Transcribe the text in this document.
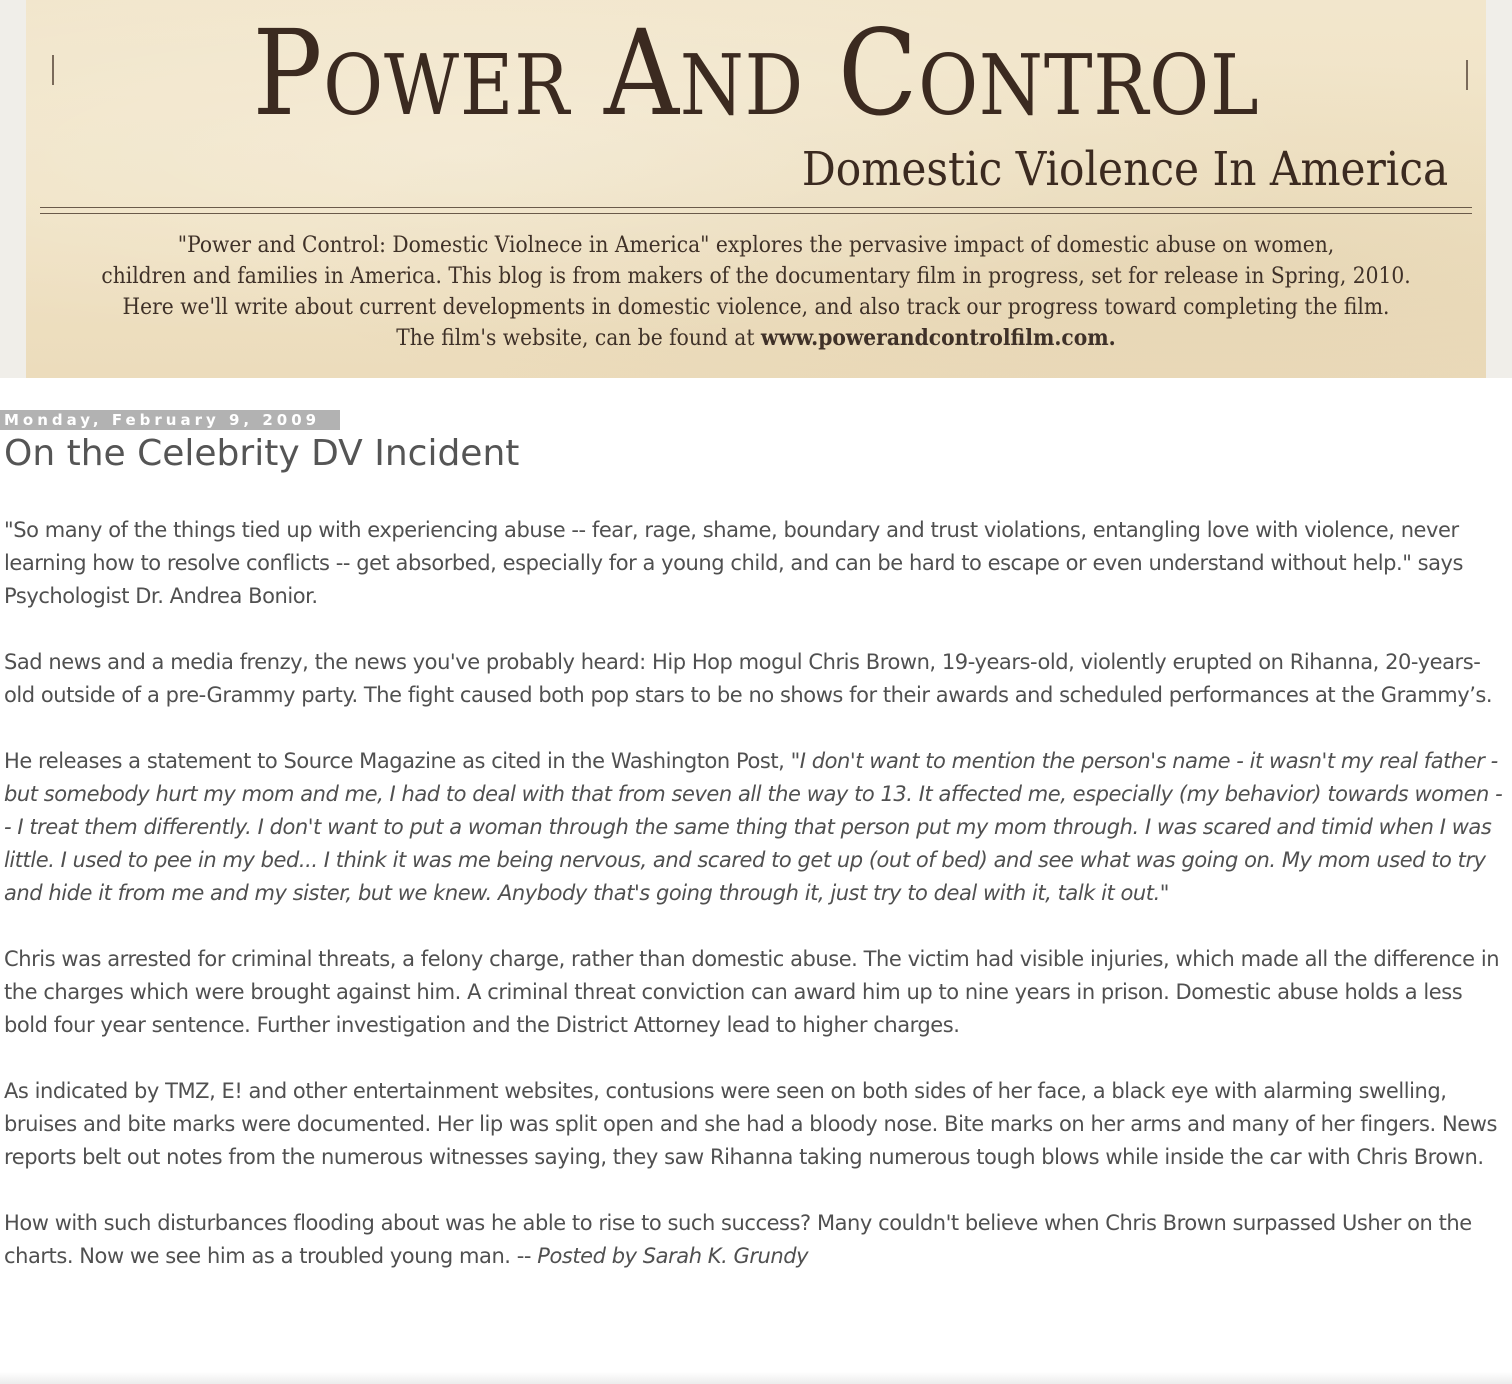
Power And Control
Domestic Violence In America
"Power and Control: Domestic Violnece in America" explores the pervasive impact of domestic abuse on women,
children and families in America. This blog is from makers of the documentary film in progress, set for release in Spring, 2010.
Here we'll write about current developments in domestic violence, and also track our progress toward completing the film.
The film's website, can be found at www.powerandcontrolfilm.com.
Monday, February 9, 2009
On the Celebrity DV Incident

"So many of the things tied up with experiencing abuse -- fear, rage, shame, boundary and trust violations, entangling love with violence, never learning how to resolve conflicts -- get absorbed, especially for a young child, and can be hard to escape or even understand without help." says Psychologist Dr. Andrea Bonior.

Sad news and a media frenzy, the news you've probably heard: Hip Hop mogul Chris Brown, 19-years-old, violently erupted on Rihanna, 20-years-old outside of a pre-Grammy party. The fight caused both pop stars to be no shows for their awards and scheduled performances at the Grammy’s.

He releases a statement to Source Magazine as cited in the Washington Post, "I don't want to mention the person's name - it wasn't my real father - but somebody hurt my mom and me, I had to deal with that from seven all the way to 13. It affected me, especially (my behavior) towards women -- I treat them differently. I don't want to put a woman through the same thing that person put my mom through. I was scared and timid when I was little. I used to pee in my bed... I think it was me being nervous, and scared to get up (out of bed) and see what was going on. My mom used to try and hide it from me and my sister, but we knew. Anybody that's going through it, just try to deal with it, talk it out."

Chris was arrested for criminal threats, a felony charge, rather than domestic abuse. The victim had visible injuries, which made all the difference in the charges which were brought against him. A criminal threat conviction can award him up to nine years in prison. Domestic abuse holds a less bold four year sentence. Further investigation and the District Attorney lead to higher charges.

As indicated by TMZ, E! and other entertainment websites, contusions were seen on both sides of her face, a black eye with alarming swelling, bruises and bite marks were documented. Her lip was split open and she had a bloody nose. Bite marks on her arms and many of her fingers. News reports belt out notes from the numerous witnesses saying, they saw Rihanna taking numerous tough blows while inside the car with Chris Brown.

How with such disturbances flooding about was he able to rise to such success? Many couldn't believe when Chris Brown surpassed Usher on the charts. Now we see him as a troubled young man. -- Posted by Sarah K. Grundy
